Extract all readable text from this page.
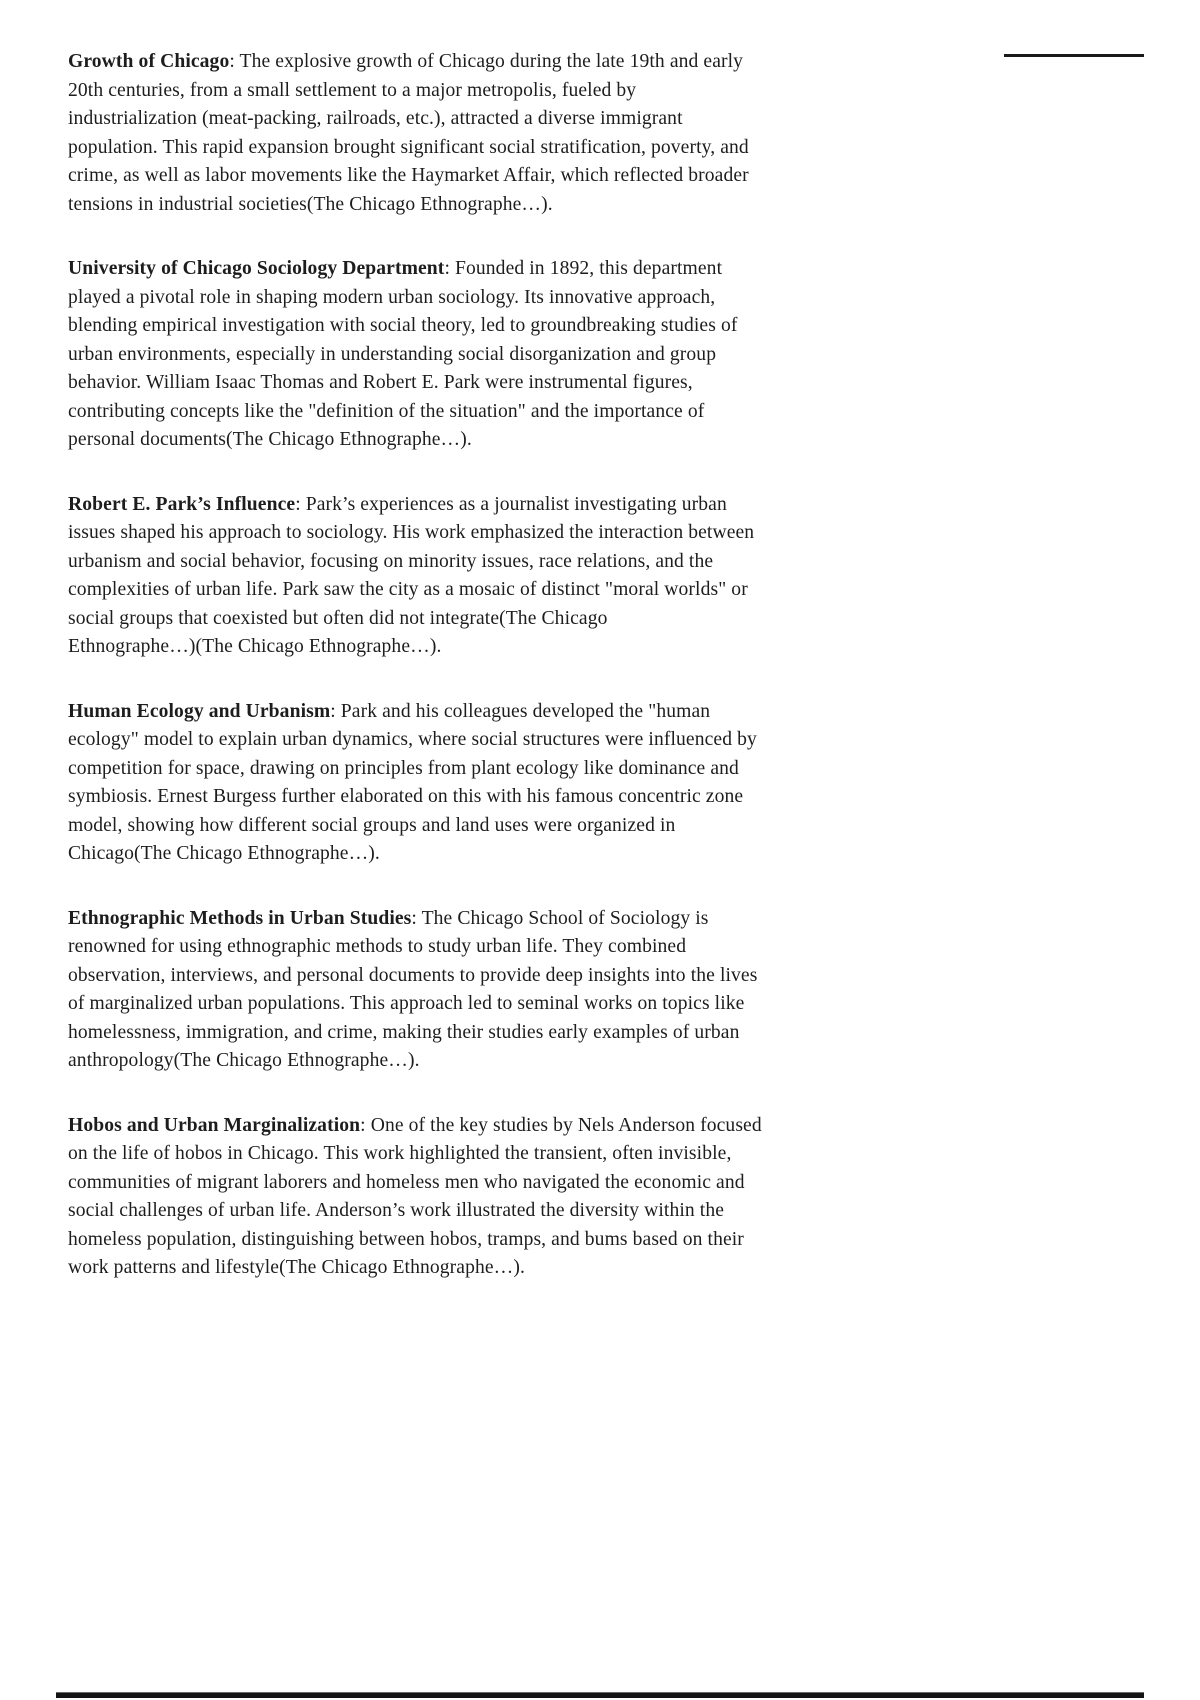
Growth of Chicago: The explosive growth of Chicago during the late 19th and early
20th centuries, from a small settlement to a major metropolis, fueled by
industrialization (meat-packing, railroads, etc.), attracted a diverse immigrant
population. This rapid expansion brought significant social stratification, poverty, and
crime, as well as labor movements like the Haymarket Affair, which reflected broader
tensions in industrial societies(The Chicago Ethnographe…).

University of Chicago Sociology Department: Founded in 1892, this department
played a pivotal role in shaping modern urban sociology. Its innovative approach,
blending empirical investigation with social theory, led to groundbreaking studies of
urban environments, especially in understanding social disorganization and group
behavior. William Isaac Thomas and Robert E. Park were instrumental figures,
contributing concepts like the "definition of the situation" and the importance of
personal documents(The Chicago Ethnographe…).

Robert E. Park’s Influence: Park’s experiences as a journalist investigating urban
issues shaped his approach to sociology. His work emphasized the interaction between
urbanism and social behavior, focusing on minority issues, race relations, and the
complexities of urban life. Park saw the city as a mosaic of distinct "moral worlds" or
social groups that coexisted but often did not integrate(The Chicago
Ethnographe…)(The Chicago Ethnographe…).

Human Ecology and Urbanism: Park and his colleagues developed the "human
ecology" model to explain urban dynamics, where social structures were influenced by
competition for space, drawing on principles from plant ecology like dominance and
symbiosis. Ernest Burgess further elaborated on this with his famous concentric zone
model, showing how different social groups and land uses were organized in
Chicago(The Chicago Ethnographe…).

Ethnographic Methods in Urban Studies: The Chicago School of Sociology is
renowned for using ethnographic methods to study urban life. They combined
observation, interviews, and personal documents to provide deep insights into the lives
of marginalized urban populations. This approach led to seminal works on topics like
homelessness, immigration, and crime, making their studies early examples of urban
anthropology(The Chicago Ethnographe…).

Hobos and Urban Marginalization: One of the key studies by Nels Anderson focused
on the life of hobos in Chicago. This work highlighted the transient, often invisible,
communities of migrant laborers and homeless men who navigated the economic and
social challenges of urban life. Anderson’s work illustrated the diversity within the
homeless population, distinguishing between hobos, tramps, and bums based on their
work patterns and lifestyle(The Chicago Ethnographe…).
